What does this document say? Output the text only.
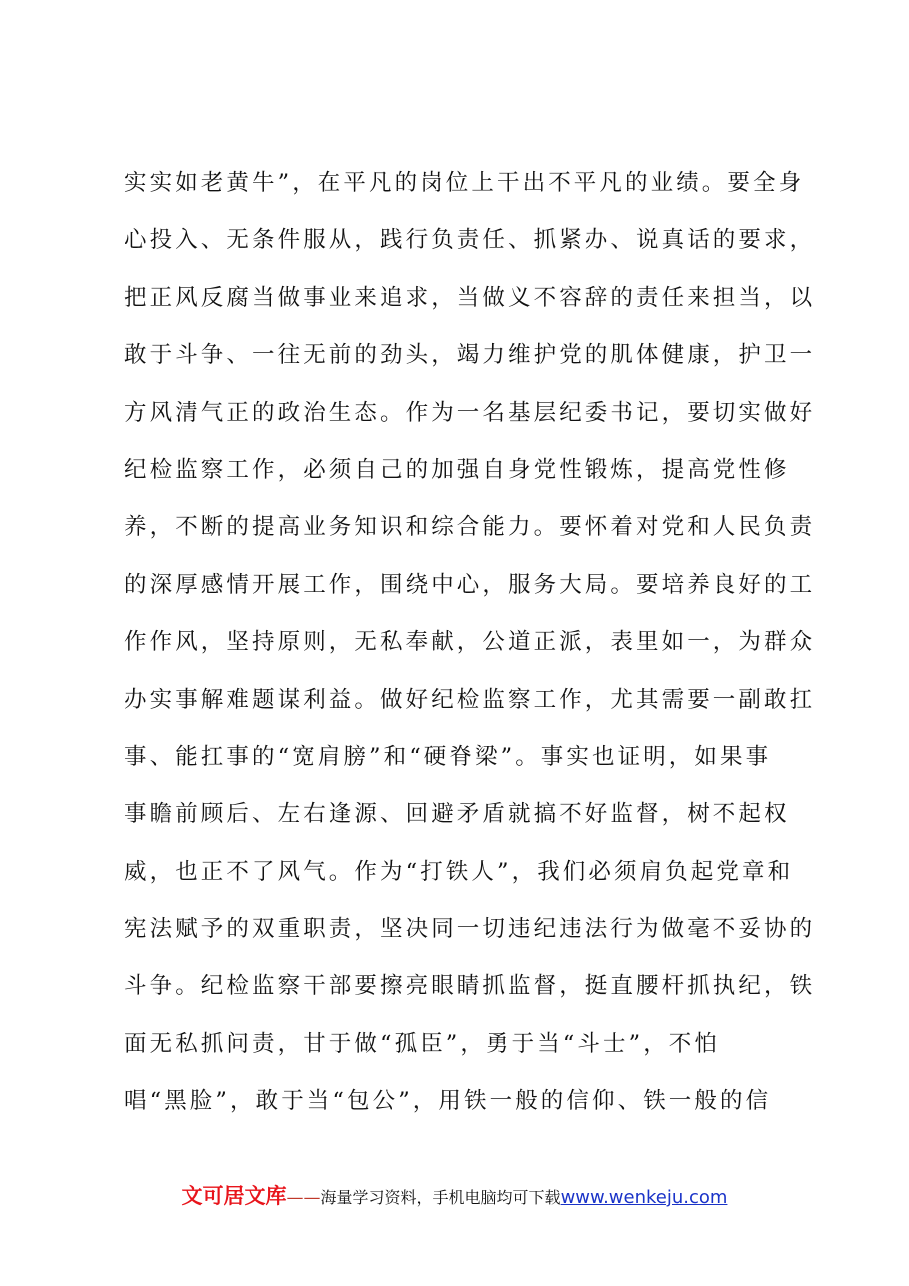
实实如老黄牛”，在平凡的岗位上干出不平凡的业绩。要全身
心投入、无条件服从，践行负责任、抓紧办、说真话的要求，
把正风反腐当做事业来追求，当做义不容辞的责任来担当，以
敢于斗争、一往无前的劲头，竭力维护党的肌体健康，护卫一
方风清气正的政治生态。作为一名基层纪委书记，要切实做好
纪检监察工作，必须自己的加强自身党性锻炼，提高党性修
养，不断的提高业务知识和综合能力。要怀着对党和人民负责
的深厚感情开展工作，围绕中心，服务大局。要培养良好的工
作作风，坚持原则，无私奉献，公道正派，表里如一，为群众
办实事解难题谋利益。做好纪检监察工作，尤其需要一副敢扛
事、能扛事的“宽肩膀”和“硬脊梁”。事实也证明，如果事
事瞻前顾后、左右逢源、回避矛盾就搞不好监督，树不起权
威，也正不了风气。作为“打铁人”，我们必须肩负起党章和
宪法赋予的双重职责，坚决同一切违纪违法行为做毫不妥协的
斗争。纪检监察干部要擦亮眼睛抓监督，挺直腰杆抓执纪，铁
面无私抓问责，甘于做“孤臣”，勇于当“斗士”，不怕
唱“黑脸”，敢于当“包公”，用铁一般的信仰、铁一般的信
文可居文库——海量学习资料，手机电脑均可下载www.wenkeju.com
